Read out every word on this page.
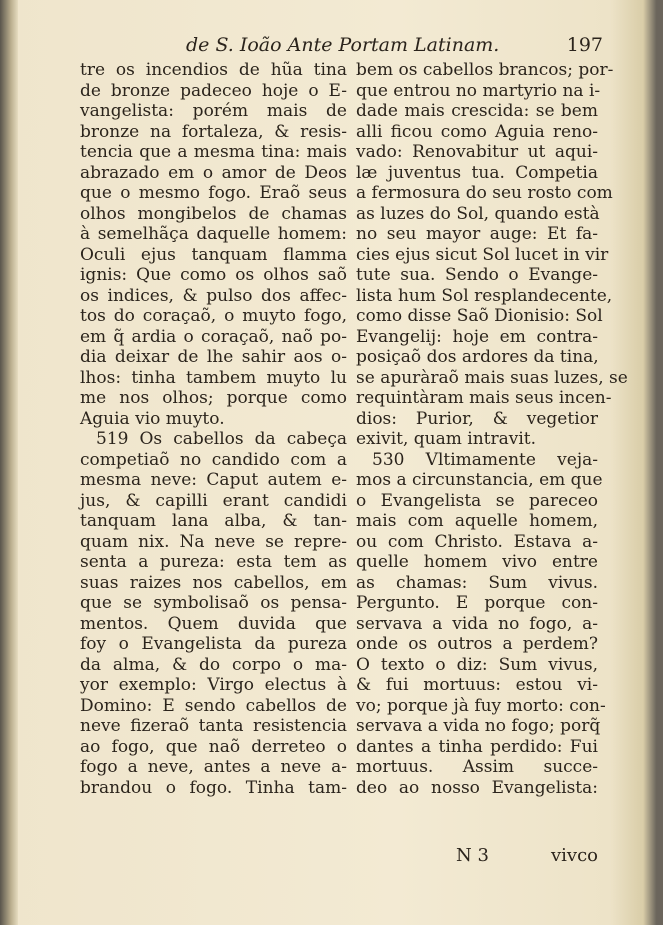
de S. Ioão Ante Portam Latinam.	197
tre os incendios de hũa tina
de bronze padeceo hoje o E-
vangelista: porém mais de
bronze na fortaleza, & resis-
tencia que a mesma tina: mais
abrazado em o amor de Deos
que o mesmo fogo. Eraõ seus
olhos mongibelos de chamas
à semelhãça daquelle homem:
Oculi ejus tanquam flamma
ignis: Que como os olhos saõ
os indices, & pulso dos affec-
tos do coraçaõ, o muyto fogo,
em q̃ ardia o coraçaõ, naõ po-
dia deixar de lhe sahir aos o-
lhos: tinha tambem muyto lu
me nos olhos; porque como
Aguia vio muyto.
519 Os cabellos da cabeça
competiaõ no candido com a
mesma neve: Caput autem e-
jus, & capilli erant candidi
tanquam lana alba, & tan-
quam nix. Na neve se repre-
senta a pureza: esta tem as
suas raizes nos cabellos, em
que se symbolisaõ os pensa-
mentos. Quem duvida que
foy o Evangelista da pureza
da alma, & do corpo o ma-
yor exemplo: Virgo electus à
Domino: E sendo cabellos de
neve fizeraõ tanta resistencia
ao fogo, que naõ derreteo o
fogo a neve, antes a neve a-
brandou o fogo. Tinha tam-
bem os cabellos brancos; por-
que entrou no martyrio na i-
dade mais crescida: se bem
alli ficou como Aguia reno-
vado: Renovabitur ut aqui-
læ juventus tua. Competia
a fermosura do seu rosto com
as luzes do Sol, quando està
no seu mayor auge: Et fa-
cies ejus sicut Sol lucet in vir
tute sua. Sendo o Evange-
lista hum Sol resplandecente,
como disse Saõ Dionisio: Sol
Evangelij: hoje em contra-
posiçaõ dos ardores da tina,
se apuràraõ mais suas luzes, se
requintàram mais seus incen-
dios: Purior, & vegetior
exivit, quam intravit.
530 Vltimamente veja-
mos a circunstancia, em que
o Evangelista se pareceo
mais com aquelle homem,
ou com Christo. Estava a-
quelle homem vivo entre
as chamas: Sum vivus.
Pergunto. E porque con-
servava a vida no fogo, a-
onde os outros a perdem?
O texto o diz: Sum vivus,
& fui mortuus: estou vi-
vo; porque jà fuy morto: con-
servava a vida no fogo; porq̃
dantes a tinha perdido: Fui
mortuus. Assim succe-
deo ao nosso Evangelista:
N 3	vivco
